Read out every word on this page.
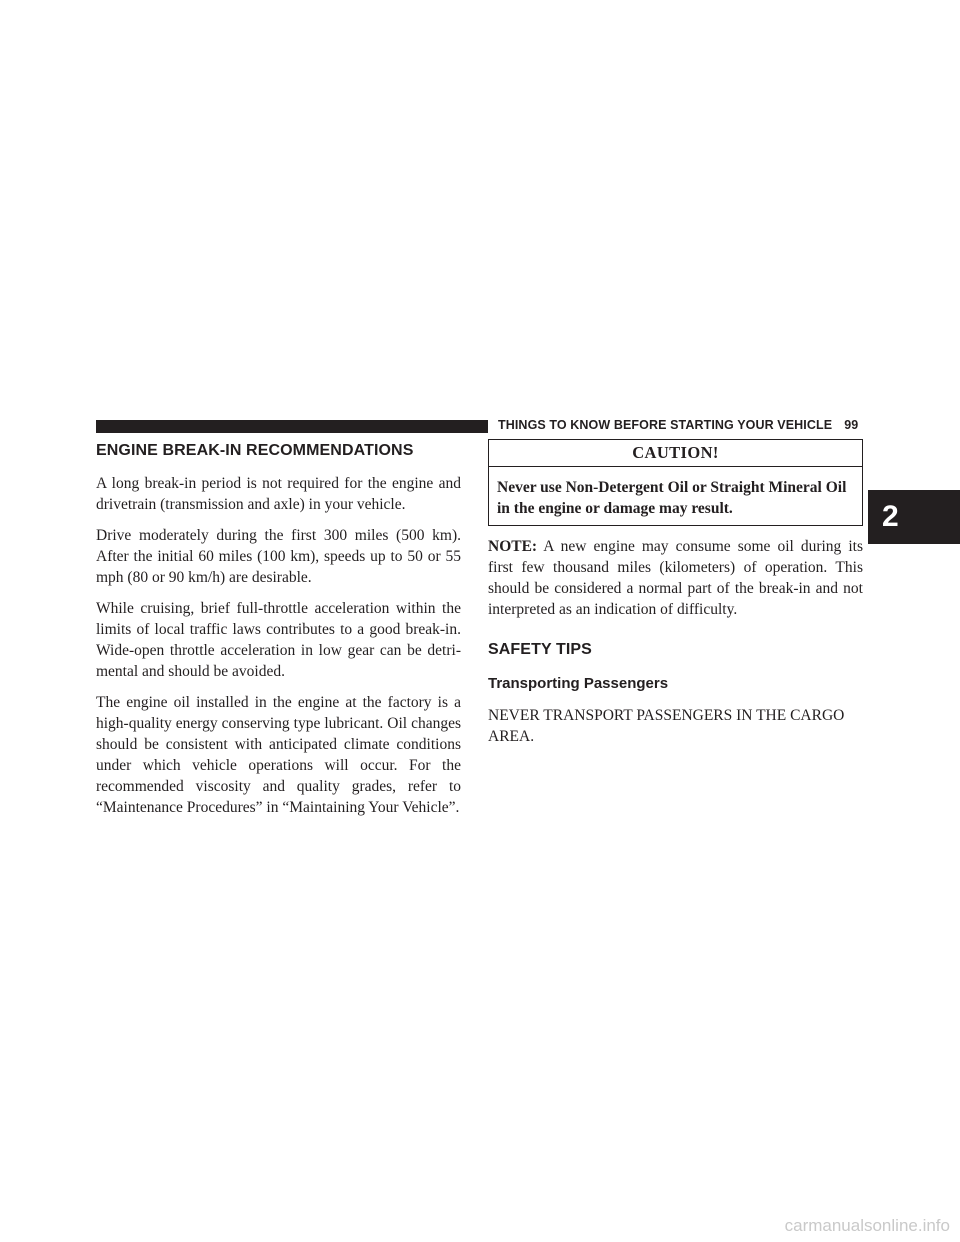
THINGS TO KNOW BEFORE STARTING YOUR VEHICLE 99
2
ENGINE BREAK-IN RECOMMENDATIONS

A long break-in period is not required for the engine and drivetrain (transmission and axle) in your vehicle.

Drive moderately during the first 300 miles (500 km). After the initial 60 miles (100 km), speeds up to 50 or 55 mph (80 or 90 km/h) are desirable.

While cruising, brief full-throttle acceleration within the limits of local traffic laws contributes to a good break-in. Wide-open throttle acceleration in low gear can be detrimental and should be avoided.

The engine oil installed in the engine at the factory is a high-quality energy conserving type lubricant. Oil changes should be consistent with anticipated climate conditions under which vehicle operations will occur. For the recommended viscosity and quality grades, refer to “Maintenance Procedures” in “Maintaining Your Vehicle”.

CAUTION!
Never use Non-Detergent Oil or Straight Mineral Oil in the engine or damage may result.

NOTE: A new engine may consume some oil during its first few thousand miles (kilometers) of operation. This should be considered a normal part of the break-in and not interpreted as an indication of difficulty.

SAFETY TIPS
Transporting Passengers

NEVER TRANSPORT PASSENGERS IN THE CARGO AREA.

carmanualsonline.info
